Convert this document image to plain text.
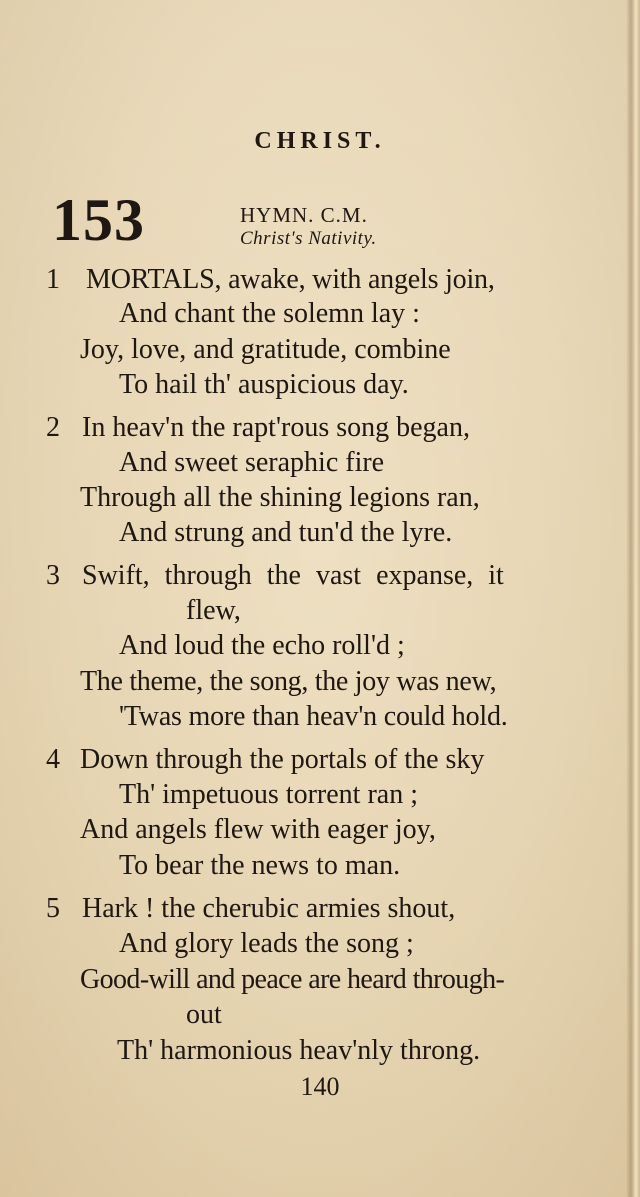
CHRIST.
153	HYMN. C.M.
Christ's Nativity.
1 MORTALS, awake, with angels join,
And chant the solemn lay :
Joy, love, and gratitude, combine
To hail th' auspicious day.
2 In heav'n the rapt'rous song began,
And sweet seraphic fire
Through all the shining legions ran,
And strung and tun'd the lyre.
3 Swift, through the vast expanse, it
flew,
And loud the echo roll'd ;
The theme, the song, the joy was new,
'Twas more than heav'n could hold.
4 Down through the portals of the sky
Th' impetuous torrent ran ;
And angels flew with eager joy,
To bear the news to man.
5 Hark ! the cherubic armies shout,
And glory leads the song ;
Good-will and peace are heard through-
out
Th' harmonious heav'nly throng.
140
